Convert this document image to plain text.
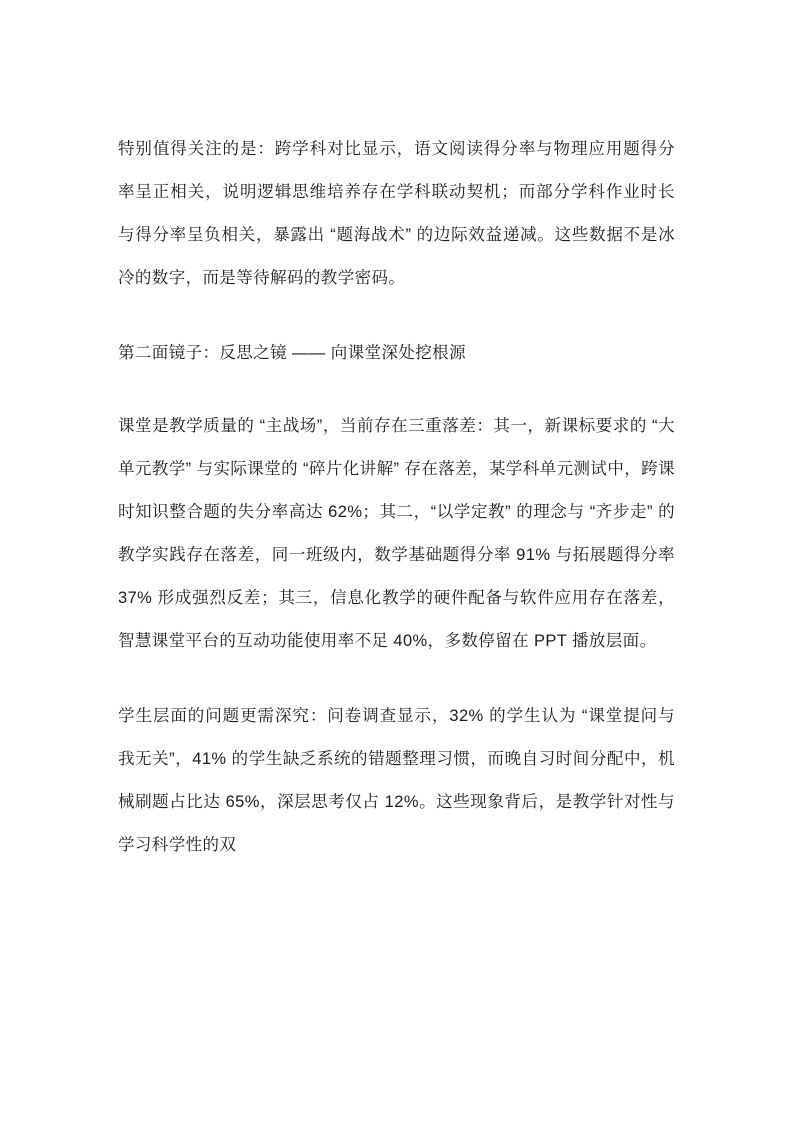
特别值得关注的是：跨学科对比显示，语文阅读得分率与物理应用题得分率呈正相关，说明逻辑思维培养存在学科联动契机；而部分学科作业时长与得分率呈负相关，暴露出 “题海战术” 的边际效益递减。这些数据不是冰冷的数字，而是等待解码的教学密码。

第二面镜子：反思之镜 —— 向课堂深处挖根源

课堂是教学质量的 “主战场”，当前存在三重落差：其一，新课标要求的 “大单元教学” 与实际课堂的 “碎片化讲解” 存在落差，某学科单元测试中，跨课时知识整合题的失分率高达 62%；其二，“以学定教” 的理念与 “齐步走” 的教学实践存在落差，同一班级内，数学基础题得分率 91% 与拓展题得分率 37% 形成强烈反差；其三，信息化教学的硬件配备与软件应用存在落差，智慧课堂平台的互动功能使用率不足 40%，多数停留在 PPT 播放层面。

学生层面的问题更需深究：问卷调查显示，32% 的学生认为 “课堂提问与我无关”，41% 的学生缺乏系统的错题整理习惯，而晚自习时间分配中，机械刷题占比达 65%，深层思考仅占 12%。这些现象背后，是教学针对性与学习科学性的双
